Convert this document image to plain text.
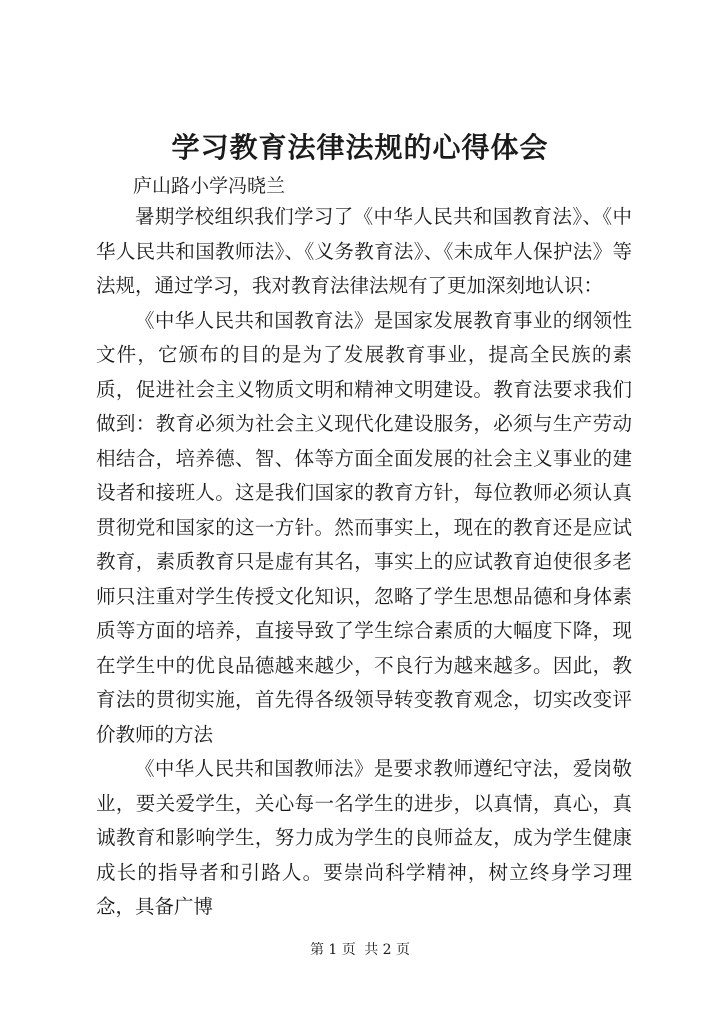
学习教育法律法规的心得体会
庐山路小学冯晓兰

暑期学校组织我们学习了《中华人民共和国教育法》、《中华人民共和国教师法》、《义务教育法》、《未成年人保护法》等法规，通过学习，我对教育法律法规有了更加深刻地认识：

《中华人民共和国教育法》是国家发展教育事业的纲领性文件，它颁布的目的是为了发展教育事业，提高全民族的素质，促进社会主义物质文明和精神文明建设。教育法要求我们做到：教育必须为社会主义现代化建设服务，必须与生产劳动相结合，培养德、智、体等方面全面发展的社会主义事业的建设者和接班人。这是我们国家的教育方针，每位教师必须认真贯彻党和国家的这一方针。然而事实上，现在的教育还是应试教育，素质教育只是虚有其名，事实上的应试教育迫使很多老师只注重对学生传授文化知识，忽略了学生思想品德和身体素质等方面的培养，直接导致了学生综合素质的大幅度下降，现在学生中的优良品德越来越少，不良行为越来越多。因此，教育法的贯彻实施，首先得各级领导转变教育观念，切实改变评价教师的方法

《中华人民共和国教师法》是要求教师遵纪守法，爱岗敬业，要关爱学生，关心每一名学生的进步，以真情，真心，真诚教育和影响学生，努力成为学生的良师益友，成为学生健康成长的指导者和引路人。要崇尚科学精神，树立终身学习理念，具备广博

第 1 页 共 2 页
